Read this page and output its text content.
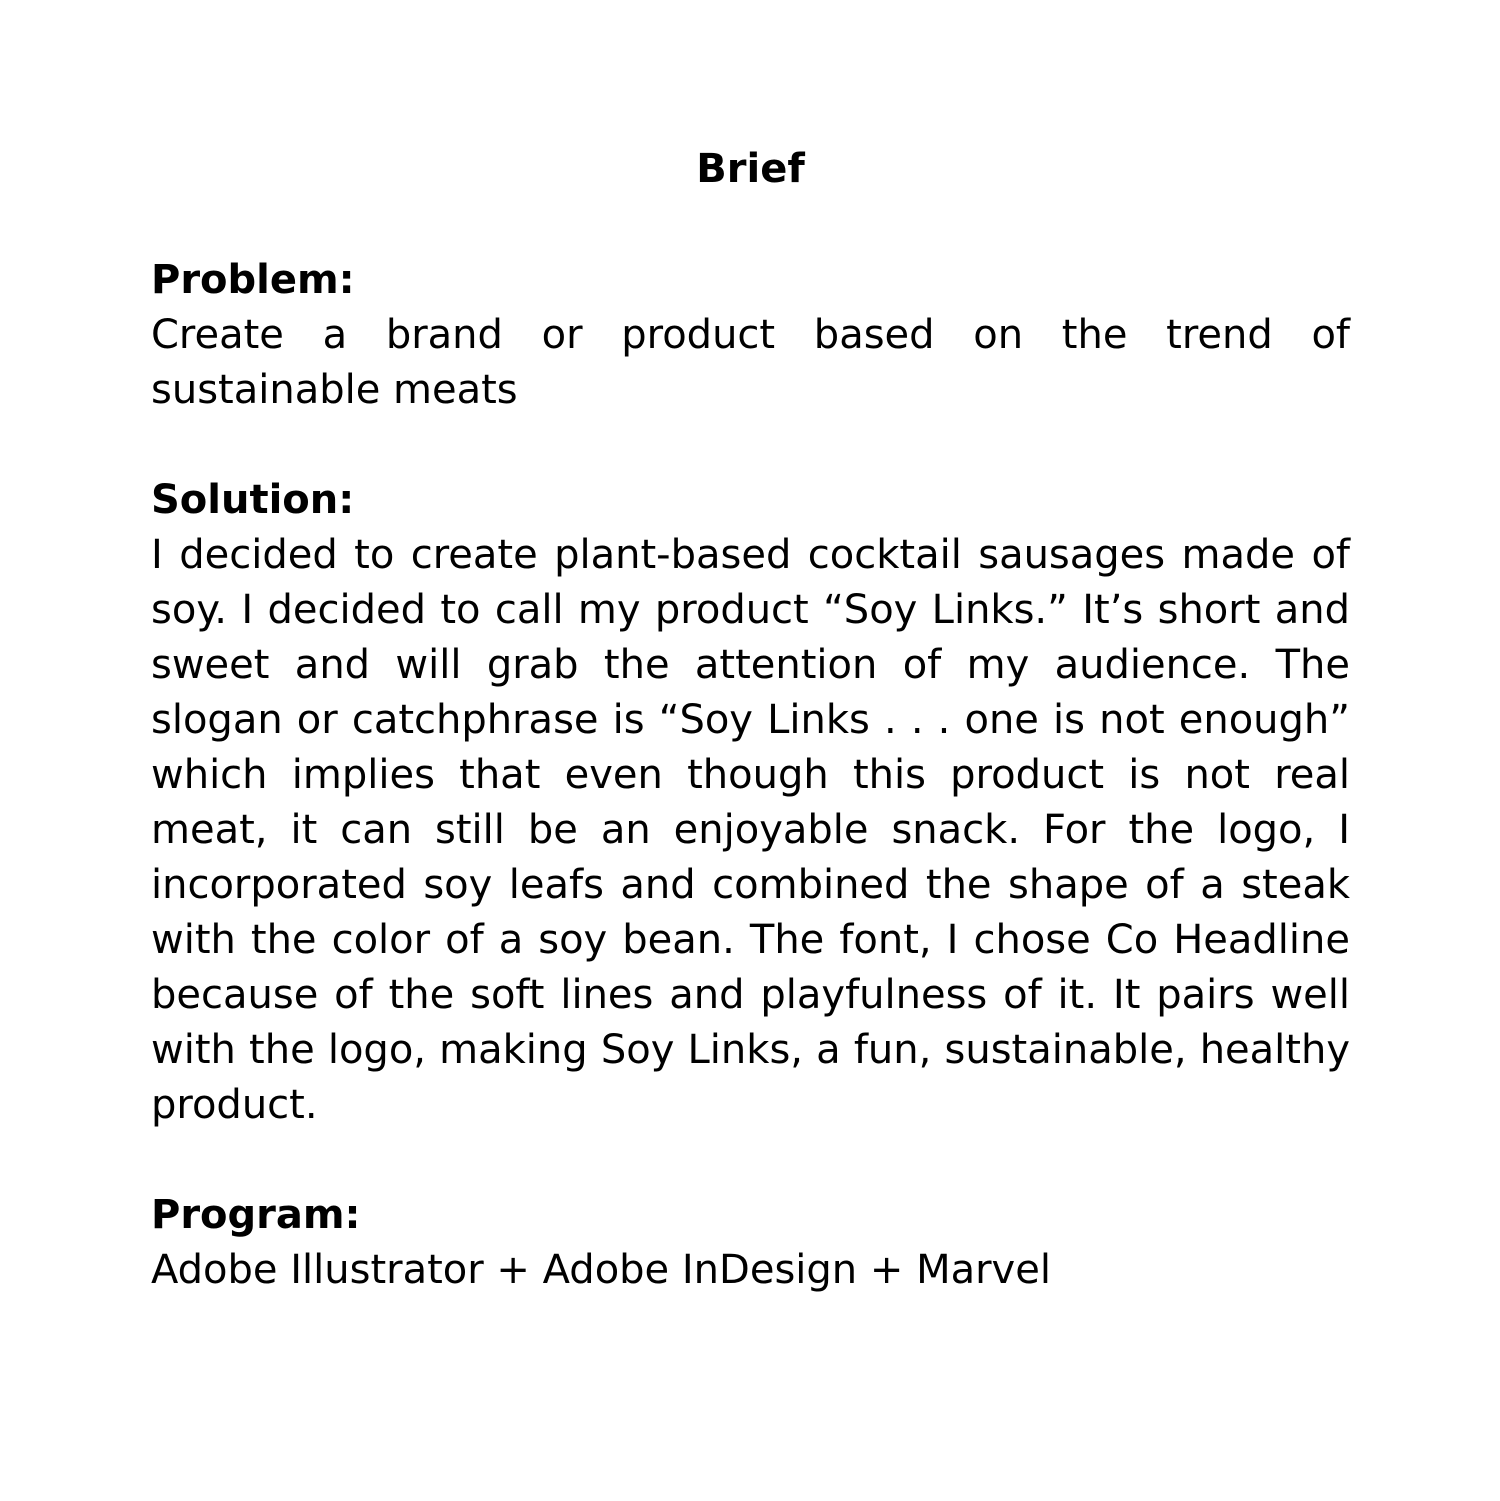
Brief

Problem:

Create a brand or product based on the trend of sustainable meats

Solution:

I decided to create plant-based cocktail sausages made of soy. I decided to call my product “Soy Links.” It’s short and sweet and will grab the attention of my audience. The slogan or catchphrase is “Soy Links . . . one is not enough” which implies that even though this product is not real meat, it can still be an enjoyable snack. For the logo, I incorporated soy leafs and combined the shape of a steak with the color of a soy bean. The font, I chose Co Headline because of the soft lines and playfulness of it. It pairs well with the logo, making Soy Links, a fun, sustainable, healthy product.

Program:

Adobe Illustrator + Adobe InDesign + Marvel
